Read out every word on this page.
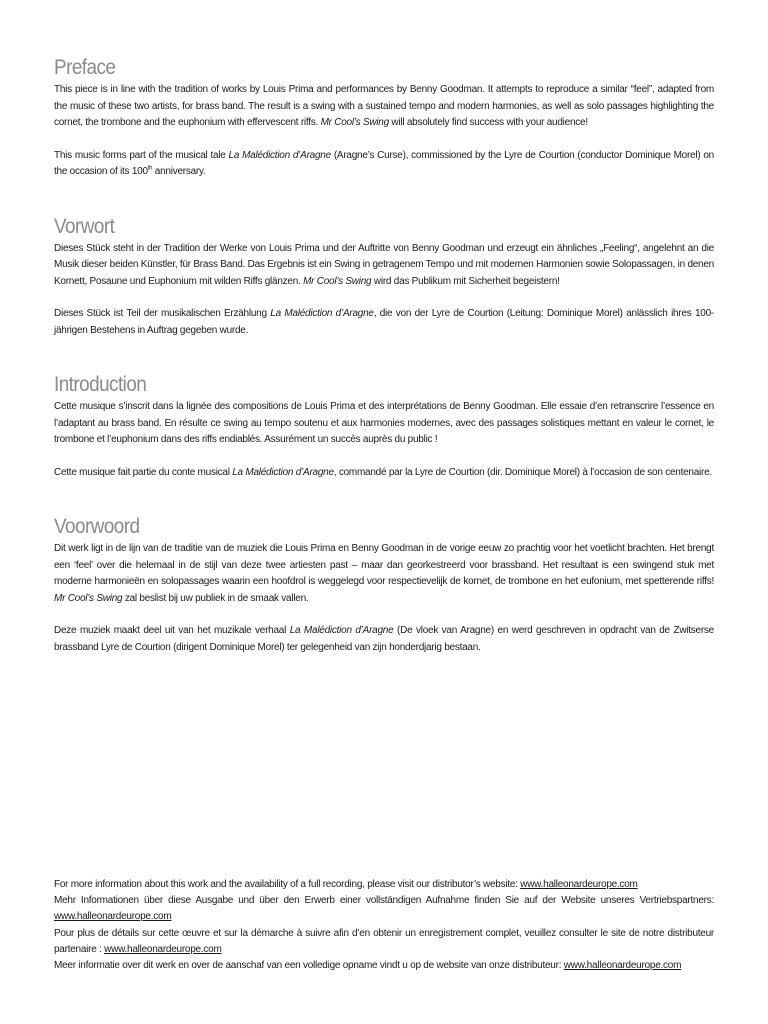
Preface

This piece is in line with the tradition of works by Louis Prima and performances by Benny Goodman. It attempts to reproduce a similar “feel”, adapted from the music of these two artists, for brass band. The result is a swing with a sustained tempo and modern harmonies, as well as solo passages highlighting the cornet, the trombone and the euphonium with effervescent riffs. Mr Cool’s Swing will absolutely find success with your audience!

This music forms part of the musical tale La Malédiction d’Aragne (Aragne’s Curse), commissioned by the Lyre de Courtion (conductor Dominique Morel) on the occasion of its 100th anniversary.

Vorwort

Dieses Stück steht in der Tradition der Werke von Louis Prima und der Auftritte von Benny Goodman und erzeugt ein ähnliches „Feeling“, angelehnt an die Musik dieser beiden Künstler, für Brass Band. Das Ergebnis ist ein Swing in getragenem Tempo und mit modernen Harmonien sowie Solopassagen, in denen Kornett, Posaune und Euphonium mit wilden Riffs glänzen. Mr Cool’s Swing wird das Publikum mit Sicherheit begeistern!

Dieses Stück ist Teil der musikalischen Erzählung La Malédiction d’Aragne, die von der Lyre de Courtion (Leitung: Dominique Morel) anlässlich ihres 100-jährigen Bestehens in Auftrag gegeben wurde.

Introduction

Cette musique s’inscrit dans la lignée des compositions de Louis Prima et des interprétations de Benny Goodman. Elle essaie d’en retranscrire l’essence en l’adaptant au brass band. En résulte ce swing au tempo soutenu et aux harmonies modernes, avec des passages solistiques mettant en valeur le cornet, le trombone et l’euphonium dans des riffs endiablés. Assurément un succès auprès du public !

Cette musique fait partie du conte musical La Malédiction d’Aragne, commandé par la Lyre de Courtion (dir. Dominique Morel) à l’occasion de son centenaire.

Voorwoord

Dit werk ligt in de lijn van de traditie van de muziek die Louis Prima en Benny Goodman in de vorige eeuw zo prachtig voor het voetlicht brachten. Het brengt een ‘feel’ over die helemaal in de stijl van deze twee artiesten past – maar dan georkestreerd voor brassband. Het resultaat is een swingend stuk met moderne harmonieën en solopassages waarin een hoofdrol is weggelegd voor respectievelijk de kornet, de trombone en het eufonium, met spetterende riffs! Mr Cool’s Swing zal beslist bij uw publiek in de smaak vallen.

Deze muziek maakt deel uit van het muzikale verhaal La Malédiction d’Aragne (De vloek van Aragne) en werd geschreven in opdracht van de Zwitserse brassband Lyre de Courtion (dirigent Dominique Morel) ter gelegenheid van zijn honderdjarig bestaan.

For more information about this work and the availability of a full recording, please visit our distributor’s website: www.halleonardeurope.com
Mehr Informationen über diese Ausgabe und über den Erwerb einer vollständigen Aufnahme finden Sie auf der Website unseres Vertriebspartners: www.halleonardeurope.com
Pour plus de détails sur cette œuvre et sur la démarche à suivre afin d’en obtenir un enregistrement complet, veuillez consulter le site de notre distributeur partenaire : www.halleonardeurope.com
Meer informatie over dit werk en over de aanschaf van een volledige opname vindt u op de website van onze distributeur: www.halleonardeurope.com
